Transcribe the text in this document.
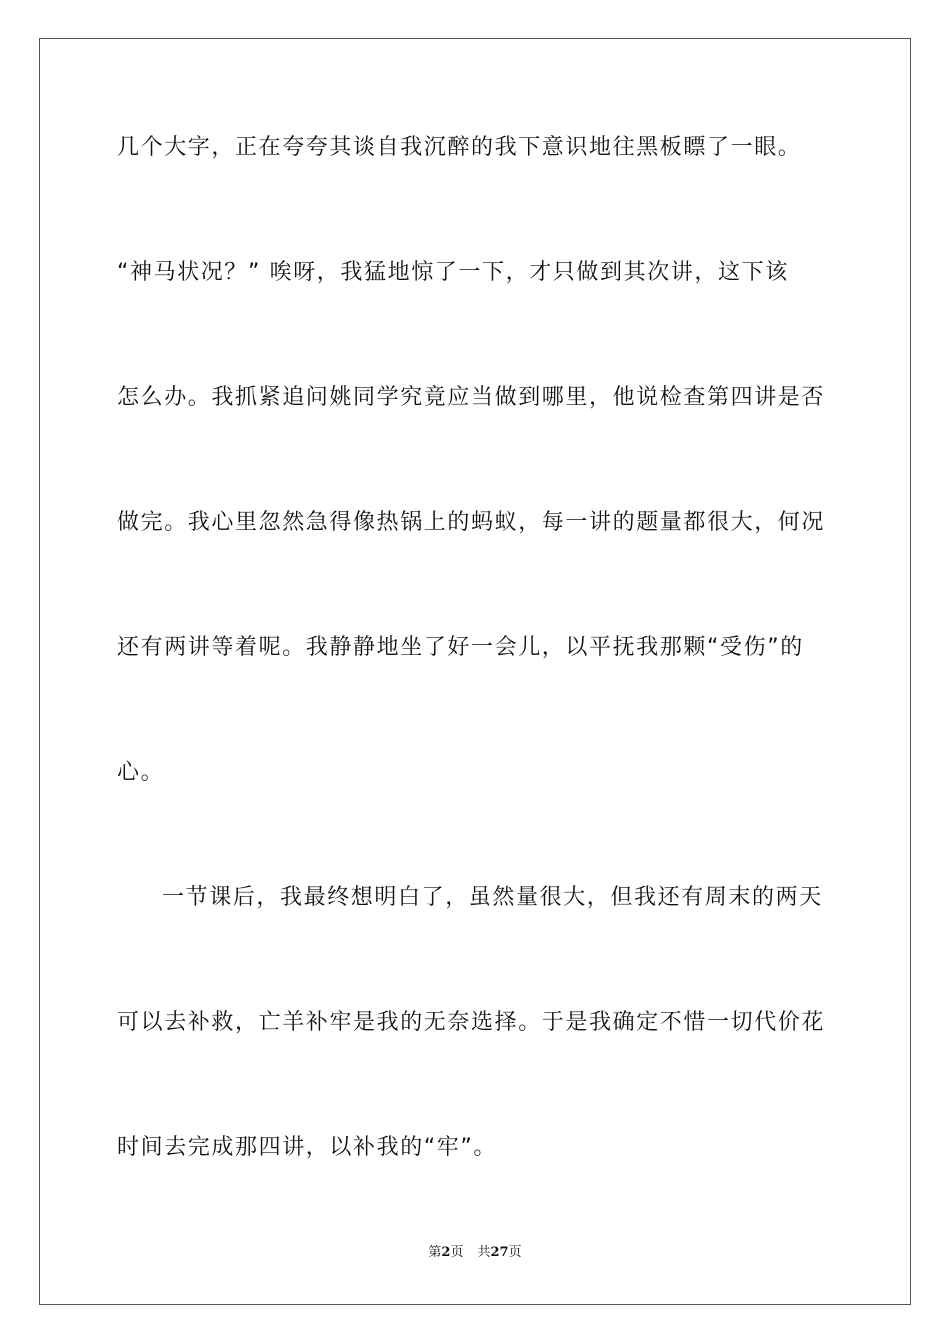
几个大字，正在夸夸其谈自我沉醉的我下意识地往黑板瞟了一眼。
“神马状况？” 唉呀，我猛地惊了一下，才只做到其次讲，这下该
怎么办。我抓紧追问姚同学究竟应当做到哪里，他说检查第四讲是否
做完。我心里忽然急得像热锅上的蚂蚁，每一讲的题量都很大，何况
还有两讲等着呢。我静静地坐了好一会儿，以平抚我那颗“受伤”的
心。
一节课后，我最终想明白了，虽然量很大，但我还有周末的两天
可以去补救，亡羊补牢是我的无奈选择。于是我确定不惜一切代价花
时间去完成那四讲，以补我的“牢”。
第2页 共27页
